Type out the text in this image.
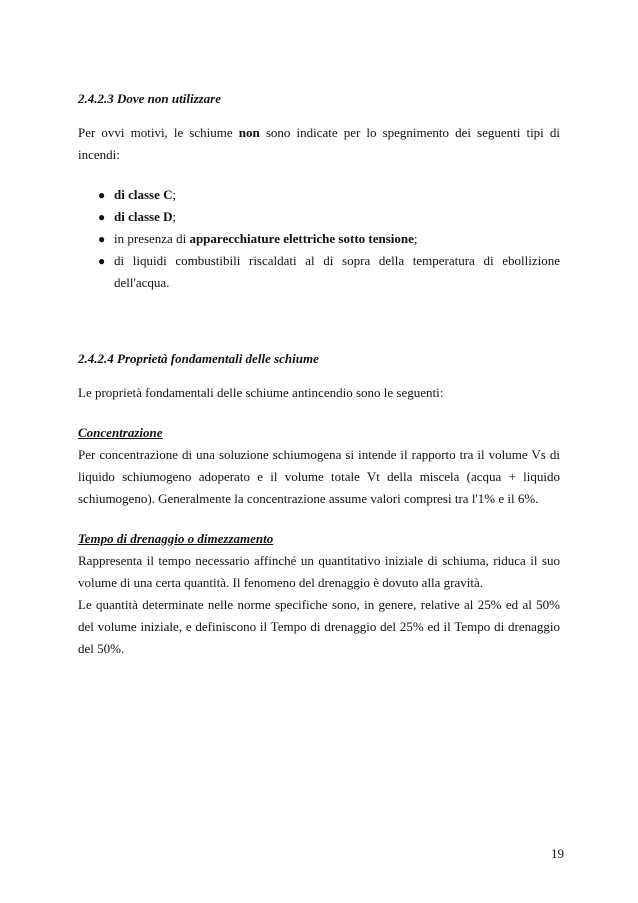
2.4.2.3 Dove non utilizzare

Per ovvi motivi, le schiume non sono indicate per lo spegnimento dei seguenti tipi di incendi:

● di classe C;
● di classe D;
● in presenza di apparecchiature elettriche sotto tensione;
● di liquidi combustibili riscaldati al di sopra della temperatura di ebollizione dell'acqua.

2.4.2.4 Proprietà fondamentali delle schiume

Le proprietà fondamentali delle schiume antincendio sono le seguenti:

Concentrazione

Per concentrazione di una soluzione schiumogena si intende il rapporto tra il volume Vs di liquido schiumogeno adoperato e il volume totale Vt della miscela (acqua + liquido schiumogeno). Generalmente la concentrazione assume valori compresi tra l'1% e il 6%.

Tempo di drenaggio o dimezzamento

Rappresenta il tempo necessario affinché un quantitativo iniziale di schiuma, riduca il suo volume di una certa quantità. Il fenomeno del drenaggio è dovuto alla gravità.

Le quantità determinate nelle norme specifiche sono, in genere, relative al 25% ed al 50% del volume iniziale, e definiscono il Tempo di drenaggio del 25% ed il Tempo di drenaggio del 50%.

19
